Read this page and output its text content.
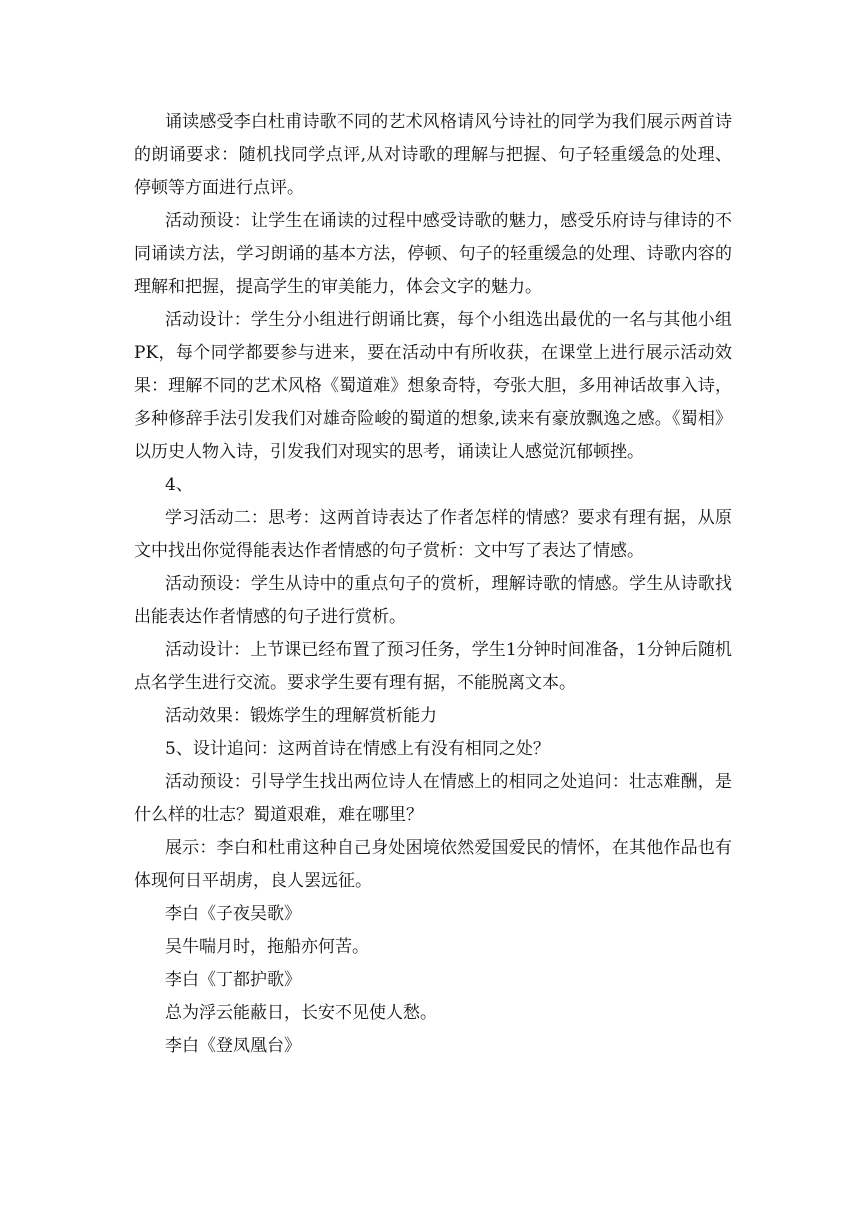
诵读感受李白杜甫诗歌不同的艺术风格请风兮诗社的同学为我们展示两首诗的朗诵要求：随机找同学点评,从对诗歌的理解与把握、句子轻重缓急的处理、停顿等方面进行点评。

活动预设：让学生在诵读的过程中感受诗歌的魅力，感受乐府诗与律诗的不同诵读方法，学习朗诵的基本方法，停顿、句子的轻重缓急的处理、诗歌内容的理解和把握，提高学生的审美能力，体会文字的魅力。

活动设计：学生分小组进行朗诵比赛，每个小组选出最优的一名与其他小组PK，每个同学都要参与进来，要在活动中有所收获，在课堂上进行展示活动效果：理解不同的艺术风格《蜀道难》想象奇特，夸张大胆，多用神话故事入诗，多种修辞手法引发我们对雄奇险峻的蜀道的想象,读来有豪放飘逸之感。《蜀相》以历史人物入诗，引发我们对现实的思考，诵读让人感觉沉郁顿挫。

4、

学习活动二：思考：这两首诗表达了作者怎样的情感？要求有理有据，从原文中找出你觉得能表达作者情感的句子赏析：文中写了表达了情感。

活动预设：学生从诗中的重点句子的赏析，理解诗歌的情感。学生从诗歌找出能表达作者情感的句子进行赏析。

活动设计：上节课已经布置了预习任务，学生1分钟时间准备，1分钟后随机点名学生进行交流。要求学生要有理有据，不能脱离文本。

活动效果：锻炼学生的理解赏析能力

5、设计追问：这两首诗在情感上有没有相同之处？

活动预设：引导学生找出两位诗人在情感上的相同之处追问：壮志难酬，是什么样的壮志？蜀道艰难，难在哪里？

展示：李白和杜甫这种自己身处困境依然爱国爱民的情怀，在其他作品也有体现何日平胡虏，良人罢远征。

李白《子夜吴歌》

吴牛喘月时，拖船亦何苦。

李白《丁都护歌》

总为浮云能蔽日，长安不见使人愁。

李白《登凤凰台》
